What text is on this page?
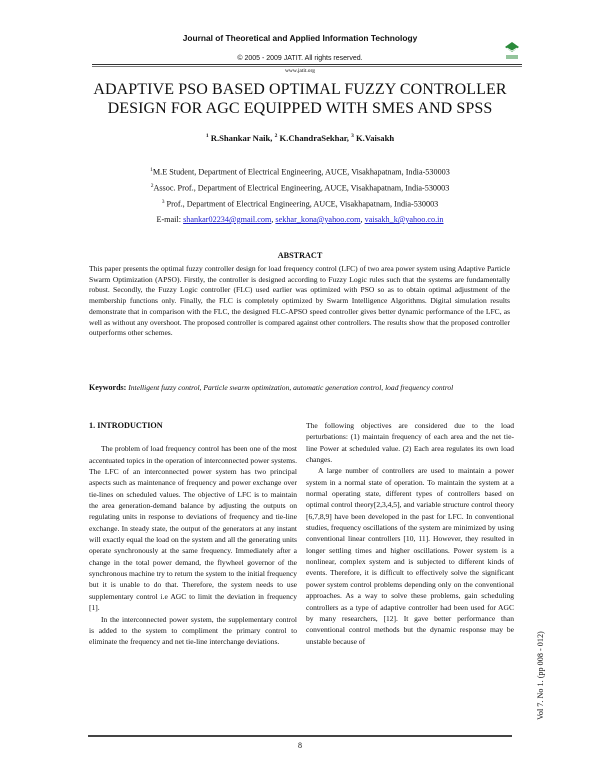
Journal of Theoretical and Applied Information Technology
© 2005 - 2009 JATIT. All rights reserved.
www.jatit.org
ADAPTIVE PSO BASED OPTIMAL FUZZY CONTROLLER
DESIGN FOR AGC EQUIPPED WITH SMES AND SPSS
$^1$ R.Shankar Naik, $^2$ K.ChandraSekhar, $^3$ K.Vaisakh
$^1$M.E Student, Department of Electrical Engineering, AUCE, Visakhapatnam, India-530003
$^2$Assoc. Prof., Department of Electrical Engineering, AUCE, Visakhapatnam, India-530003
$^3$ Prof., Department of Electrical Engineering, AUCE, Visakhapatnam, India-530003
E-mail: shankar02234@gmail.com, sekhar_kona@yahoo.com, vaisakh_k@yahoo.co.in
ABSTRACT
This paper presents the optimal fuzzy controller design for load frequency control (LFC) of two area power system using Adaptive Particle Swarm Optimization (APSO). Firstly, the controller is designed according to Fuzzy Logic rules such that the systems are fundamentally robust. Secondly, the Fuzzy Logic controller (FLC) used earlier was optimized with PSO so as to obtain optimal adjustment of the membership functions only. Finally, the FLC is completely optimized by Swarm Intelligence Algorithms. Digital simulation results demonstrate that in comparison with the FLC, the designed FLC-APSO speed controller gives better dynamic performance of the LFC, as well as without any overshoot. The proposed controller is compared against other controllers. The results show that the proposed controller outperforms other schemes.
Keywords: Intelligent fuzzy control, Particle swarm optimization, automatic generation control, load frequency control
1. INTRODUCTION

The problem of load frequency control has been one of the most accentuated topics in the operation of interconnected power systems. The LFC of an interconnected power system has two principal aspects such as maintenance of frequency and power exchange over tie-lines on scheduled values. The objective of LFC is to maintain the area generation-demand balance by adjusting the outputs on regulating units in response to deviations of frequency and tie-line exchange. In steady state, the output of the generators at any instant will exactly equal the load on the system and all the generating units operate synchronously at the same frequency. Immediately after a change in the total power demand, the flywheel governor of the synchronous machine try to return the system to the initial frequency but it is unable to do that. Therefore, the system needs to use supplementary control i.e AGC to limit the deviation in frequency [1].

In the interconnected power system, the supplementary control is added to the system to compliment the primary control to eliminate the frequency and net tie-line interchange deviations.

The following objectives are considered due to the load perturbations: (1) maintain frequency of each area and the net tie-line Power at scheduled value. (2) Each area regulates its own load changes.

A large number of controllers are used to maintain a power system in a normal state of operation. To maintain the system at a normal operating state, different types of controllers based on optimal control theory[2,3,4,5], and variable structure control theory [6,7,8,9] have been developed in the past for LFC. In conventional studies, frequency oscillations of the system are minimized by using conventional linear controllers [10, 11]. However, they resulted in longer settling times and higher oscillations. Power system is a nonlinear, complex system and is subjected to different kinds of events. Therefore, it is difficult to effectively solve the significant power system control problems depending only on the conventional approaches. As a way to solve these problems, gain scheduling controllers as a type of adaptive controller had been used for AGC by many researchers, [12]. It gave better performance than conventional control methods but the dynamic response may be unstable because of	Vol 7. No 1. (pp 008 - 012)
8
